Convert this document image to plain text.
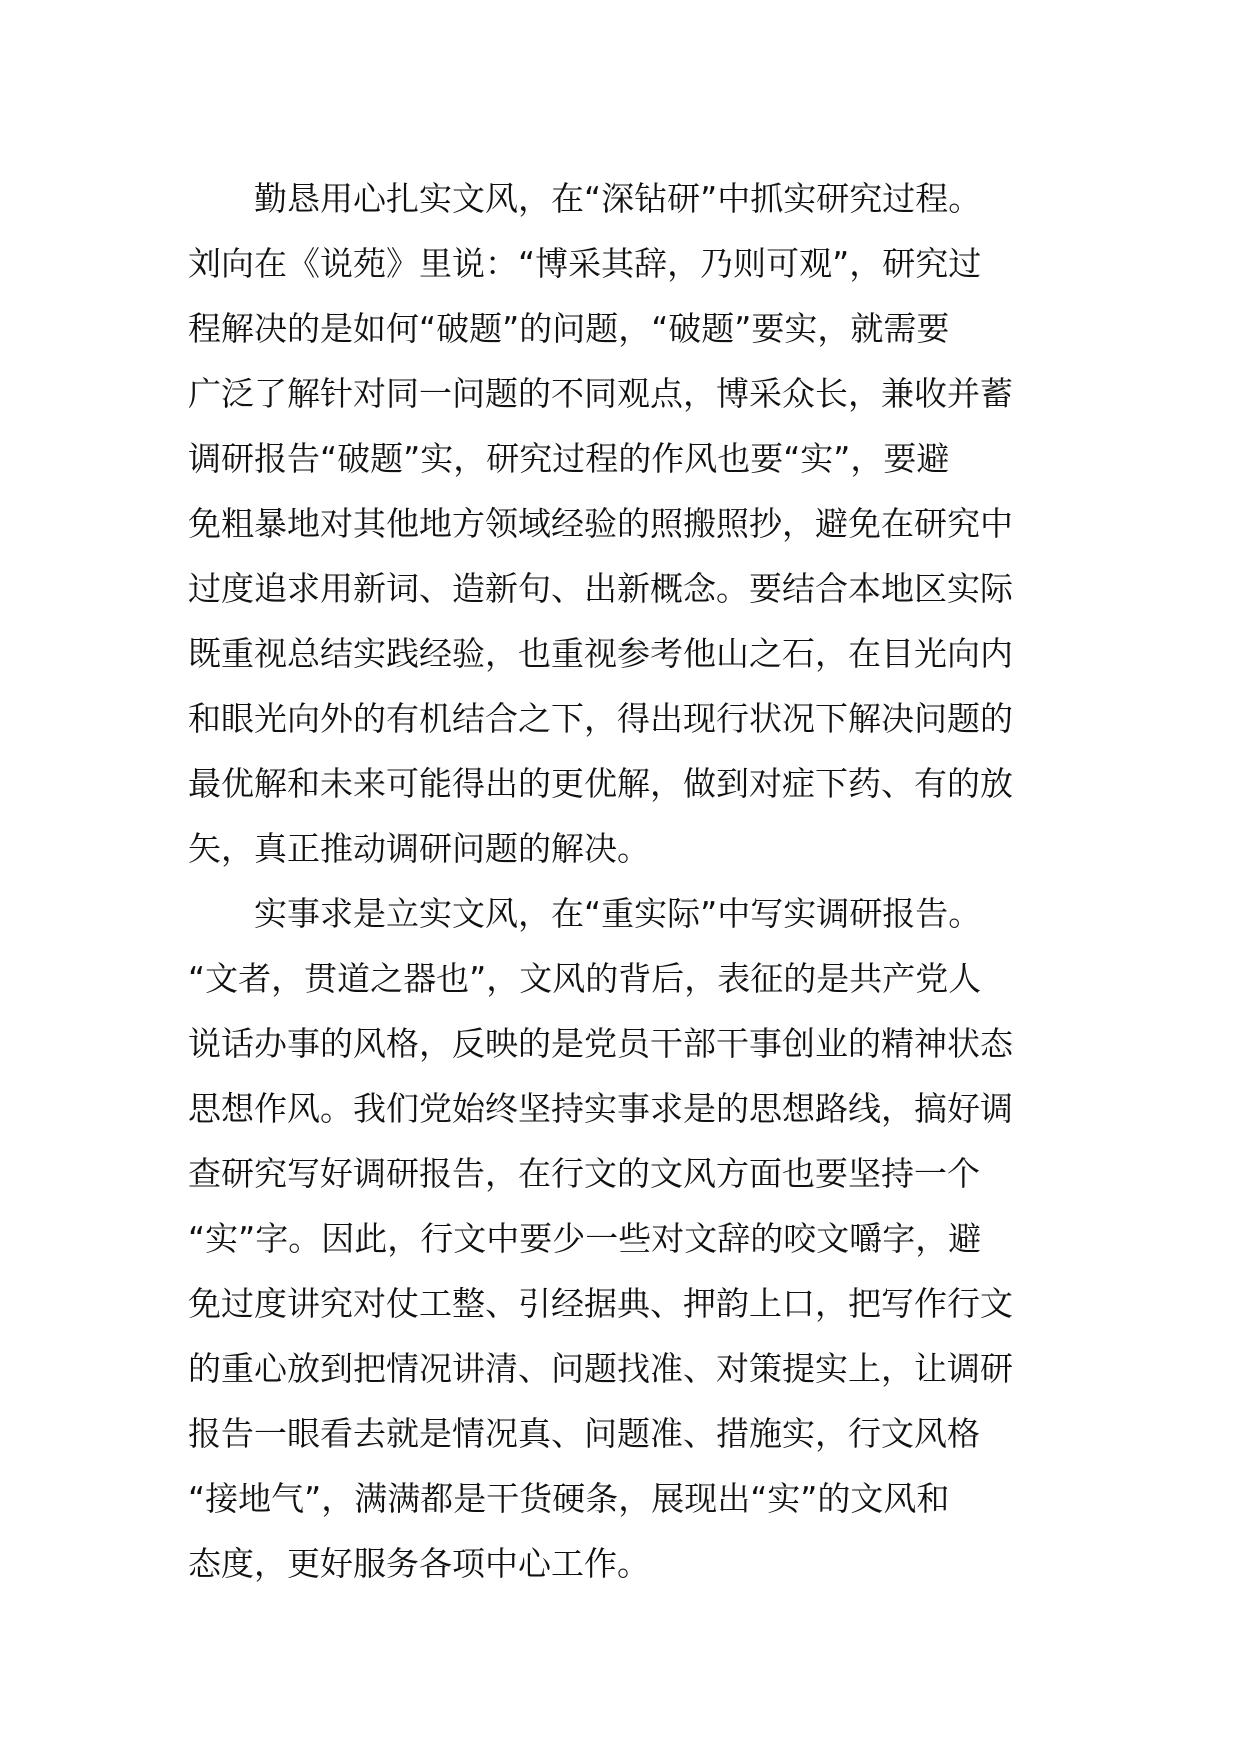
勤恳用心扎实文风，在“深钻研”中抓实研究过程。
刘向在《说苑》里说：“博采其辞，乃则可观”，研究过
程解决的是如何“破题”的问题，“破题”要实，就需要
广泛了解针对同一问题的不同观点，博采众长，兼收并蓄
调研报告“破题”实，研究过程的作风也要“实”，要避
免粗暴地对其他地方领域经验的照搬照抄，避免在研究中
过度追求用新词、造新句、出新概念。要结合本地区实际
既重视总结实践经验，也重视参考他山之石，在目光向内
和眼光向外的有机结合之下，得出现行状况下解决问题的
最优解和未来可能得出的更优解，做到对症下药、有的放
矢，真正推动调研问题的解决。
实事求是立实文风，在“重实际”中写实调研报告。
“文者，贯道之器也”，文风的背后，表征的是共产党人
说话办事的风格，反映的是党员干部干事创业的精神状态
思想作风。我们党始终坚持实事求是的思想路线，搞好调
查研究写好调研报告，在行文的文风方面也要坚持一个
“实”字。因此，行文中要少一些对文辞的咬文嚼字，避
免过度讲究对仗工整、引经据典、押韵上口，把写作行文
的重心放到把情况讲清、问题找准、对策提实上，让调研
报告一眼看去就是情况真、问题准、措施实，行文风格
“接地气”，满满都是干货硬条，展现出“实”的文风和
态度，更好服务各项中心工作。
